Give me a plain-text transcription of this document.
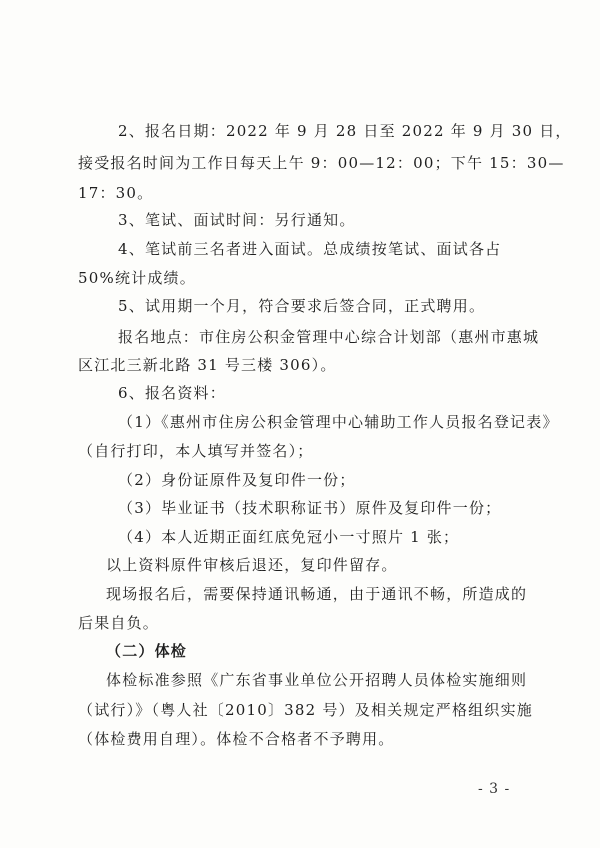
2、报名日期：2022 年 9 月 28 日至 2022 年 9 月 30 日，
接受报名时间为工作日每天上午 9：00—12：00；下午 15：30—
17：30。
3、笔试、面试时间：另行通知。
4、笔试前三名者进入面试。总成绩按笔试、面试各占
50%统计成绩。
5、试用期一个月，符合要求后签合同，正式聘用。
报名地点：市住房公积金管理中心综合计划部（惠州市惠城
区江北三新北路 31 号三楼 306）。
6、报名资料：
（1）《惠州市住房公积金管理中心辅助工作人员报名登记表》
（自行打印，本人填写并签名）；
（2）身份证原件及复印件一份；
（3）毕业证书（技术职称证书）原件及复印件一份；
（4）本人近期正面红底免冠小一寸照片 1 张；
以上资料原件审核后退还，复印件留存。
现场报名后，需要保持通讯畅通，由于通讯不畅，所造成的
后果自负。
（二）体检
体检标准参照《广东省事业单位公开招聘人员体检实施细则
（试行）》（粤人社〔2010〕382 号）及相关规定严格组织实施
（体检费用自理）。体检不合格者不予聘用。
- 3 -
